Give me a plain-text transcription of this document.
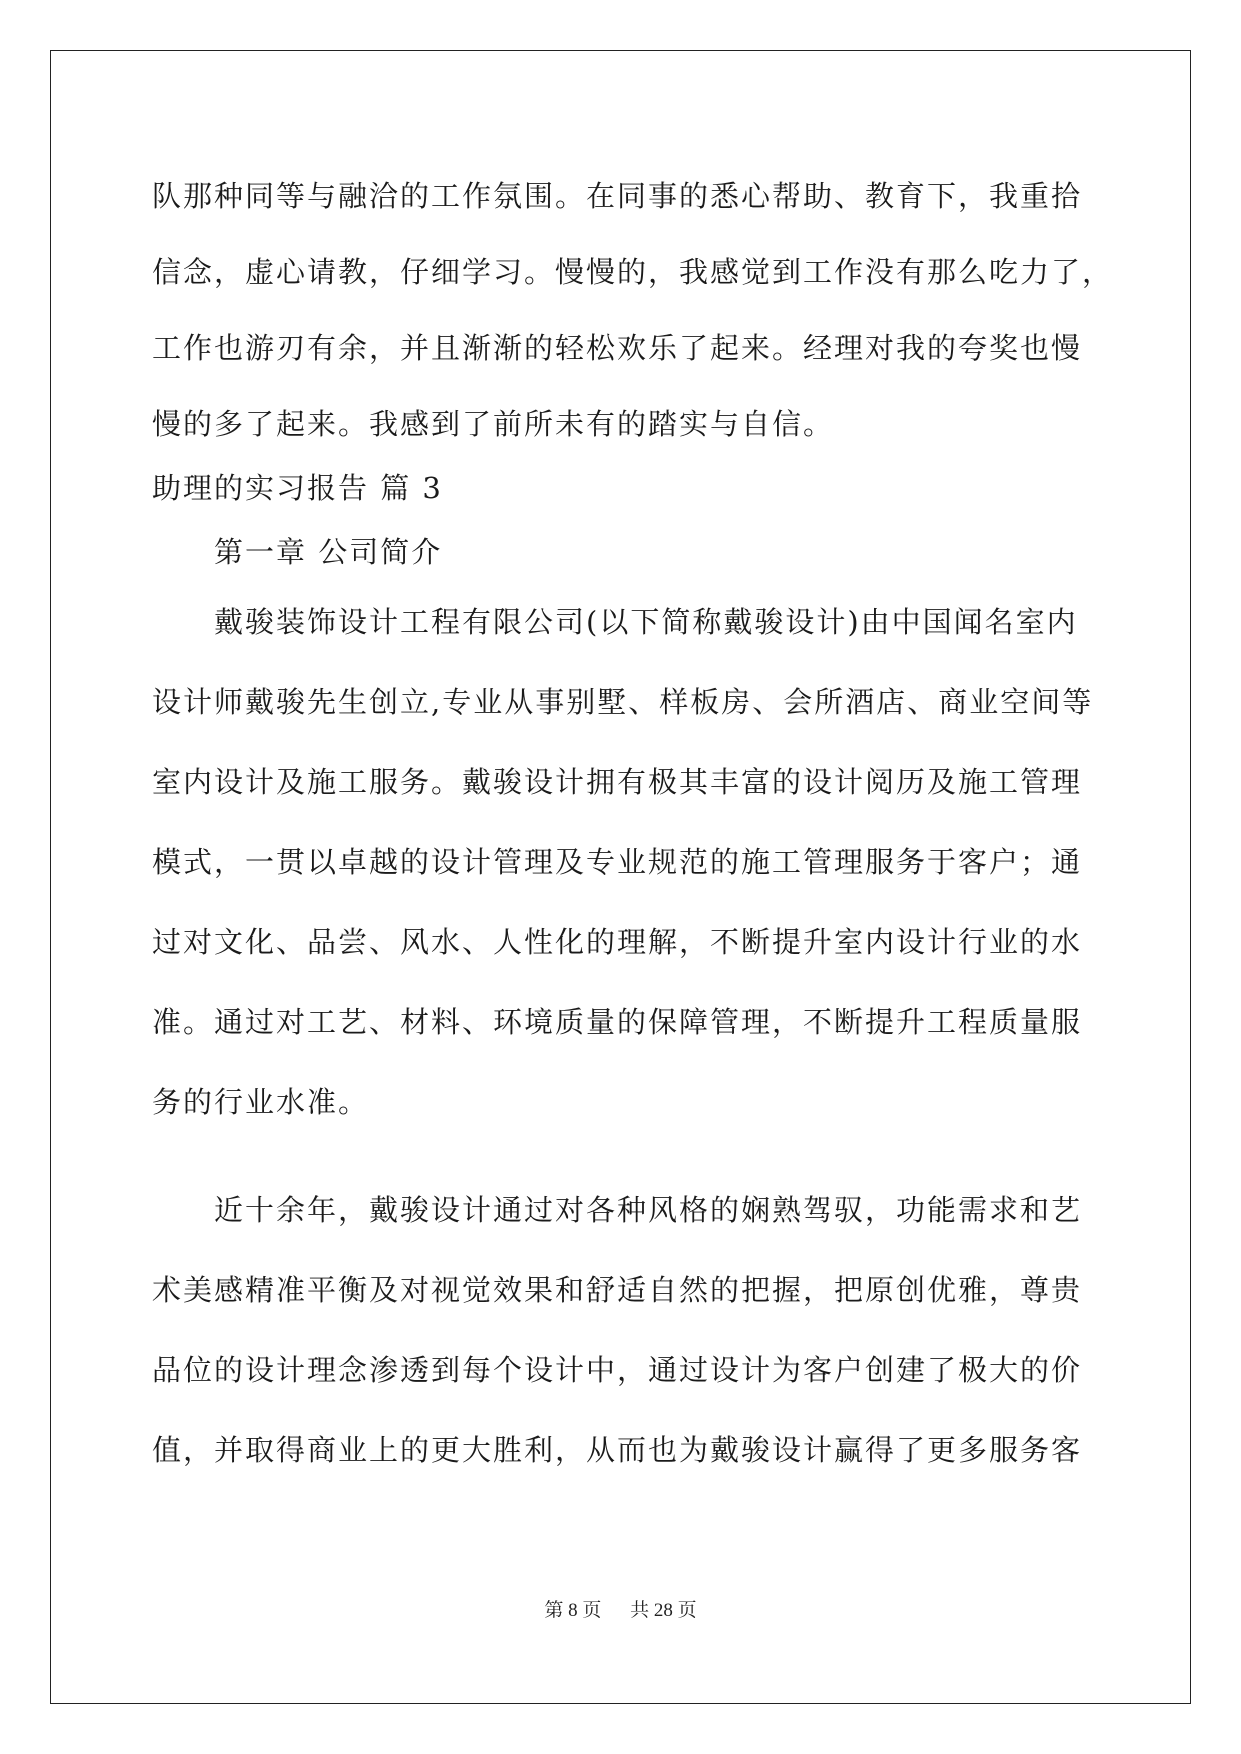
队那种同等与融洽的工作氛围。在同事的悉心帮助、教育下，我重拾
信念，虚心请教，仔细学习。慢慢的，我感觉到工作没有那么吃力了，
工作也游刃有余，并且渐渐的轻松欢乐了起来。经理对我的夸奖也慢
慢的多了起来。我感到了前所未有的踏实与自信。
助理的实习报告 篇 3
第一章 公司简介
戴骏装饰设计工程有限公司(以下简称戴骏设计)由中国闻名室内
设计师戴骏先生创立,专业从事别墅、样板房、会所酒店、商业空间等
室内设计及施工服务。戴骏设计拥有极其丰富的设计阅历及施工管理
模式，一贯以卓越的设计管理及专业规范的施工管理服务于客户；通
过对文化、品尝、风水、人性化的理解，不断提升室内设计行业的水
准。通过对工艺、材料、环境质量的保障管理，不断提升工程质量服
务的行业水准。
近十余年，戴骏设计通过对各种风格的娴熟驾驭，功能需求和艺
术美感精准平衡及对视觉效果和舒适自然的把握，把原创优雅，尊贵
品位的设计理念渗透到每个设计中，通过设计为客户创建了极大的价
值，并取得商业上的更大胜利，从而也为戴骏设计赢得了更多服务客
第 8 页 共 28 页
